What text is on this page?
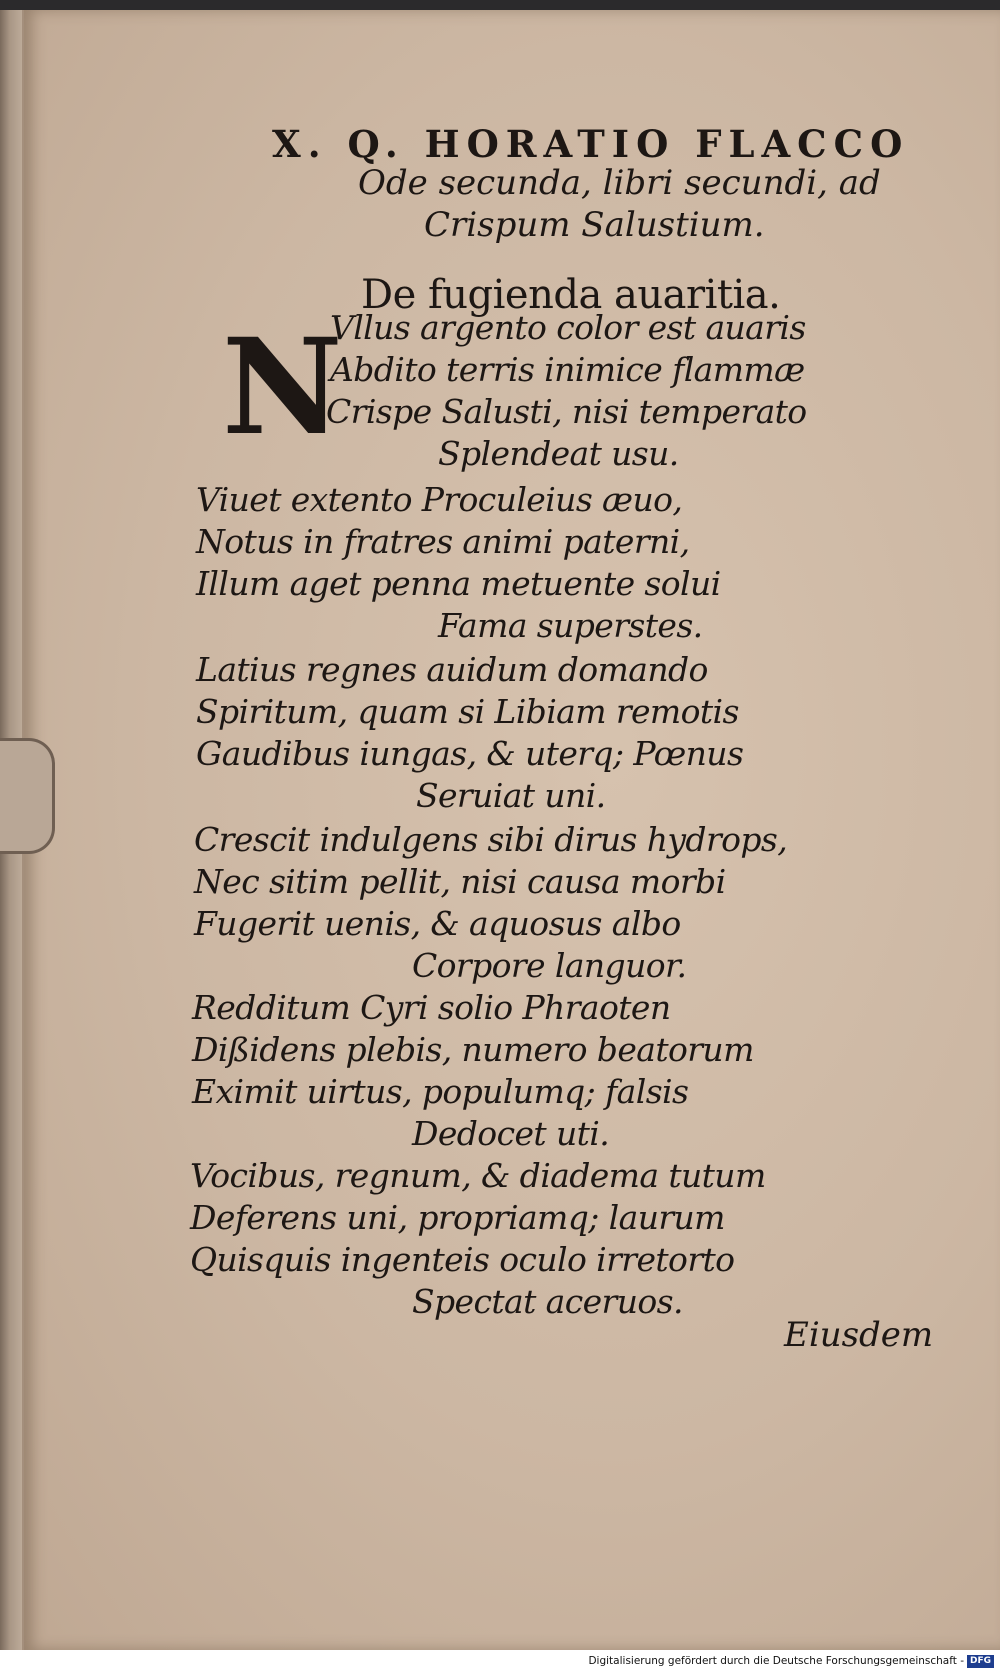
X. Q. HORATIO FLACCO
Ode secunda, libri secundi, ad
Crispum Salustium.
De fugienda auaritia.
N
Vllus argento color est auaris
Abdito terris inimice flammæ
Crispe Salusti, nisi temperato
Splendeat usu.
Viuet extento Proculeius æuo,
Notus in fratres animi paterni,
Illum aget penna metuente solui
Fama superstes.
Latius regnes auidum domando
Spiritum, quam si Libiam remotis
Gaudibus iungas, & uterq; Pœnus
Seruiat uni.
Crescit indulgens sibi dirus hydrops,
Nec sitim pellit, nisi causa morbi
Fugerit uenis, & aquosus albo
Corpore languor.
Redditum Cyri solio Phraoten
Dißidens plebis, numero beatorum
Eximit uirtus, populumq; falsis
Dedocet uti.
Vocibus, regnum, & diadema tutum
Deferens uni, propriamq; laurum
Quisquis ingenteis oculo irretorto
Spectat aceruos.
Eiusdem
Digitalisierung gefördert durch die Deutsche Forschungsgemeinschaft - DFG
